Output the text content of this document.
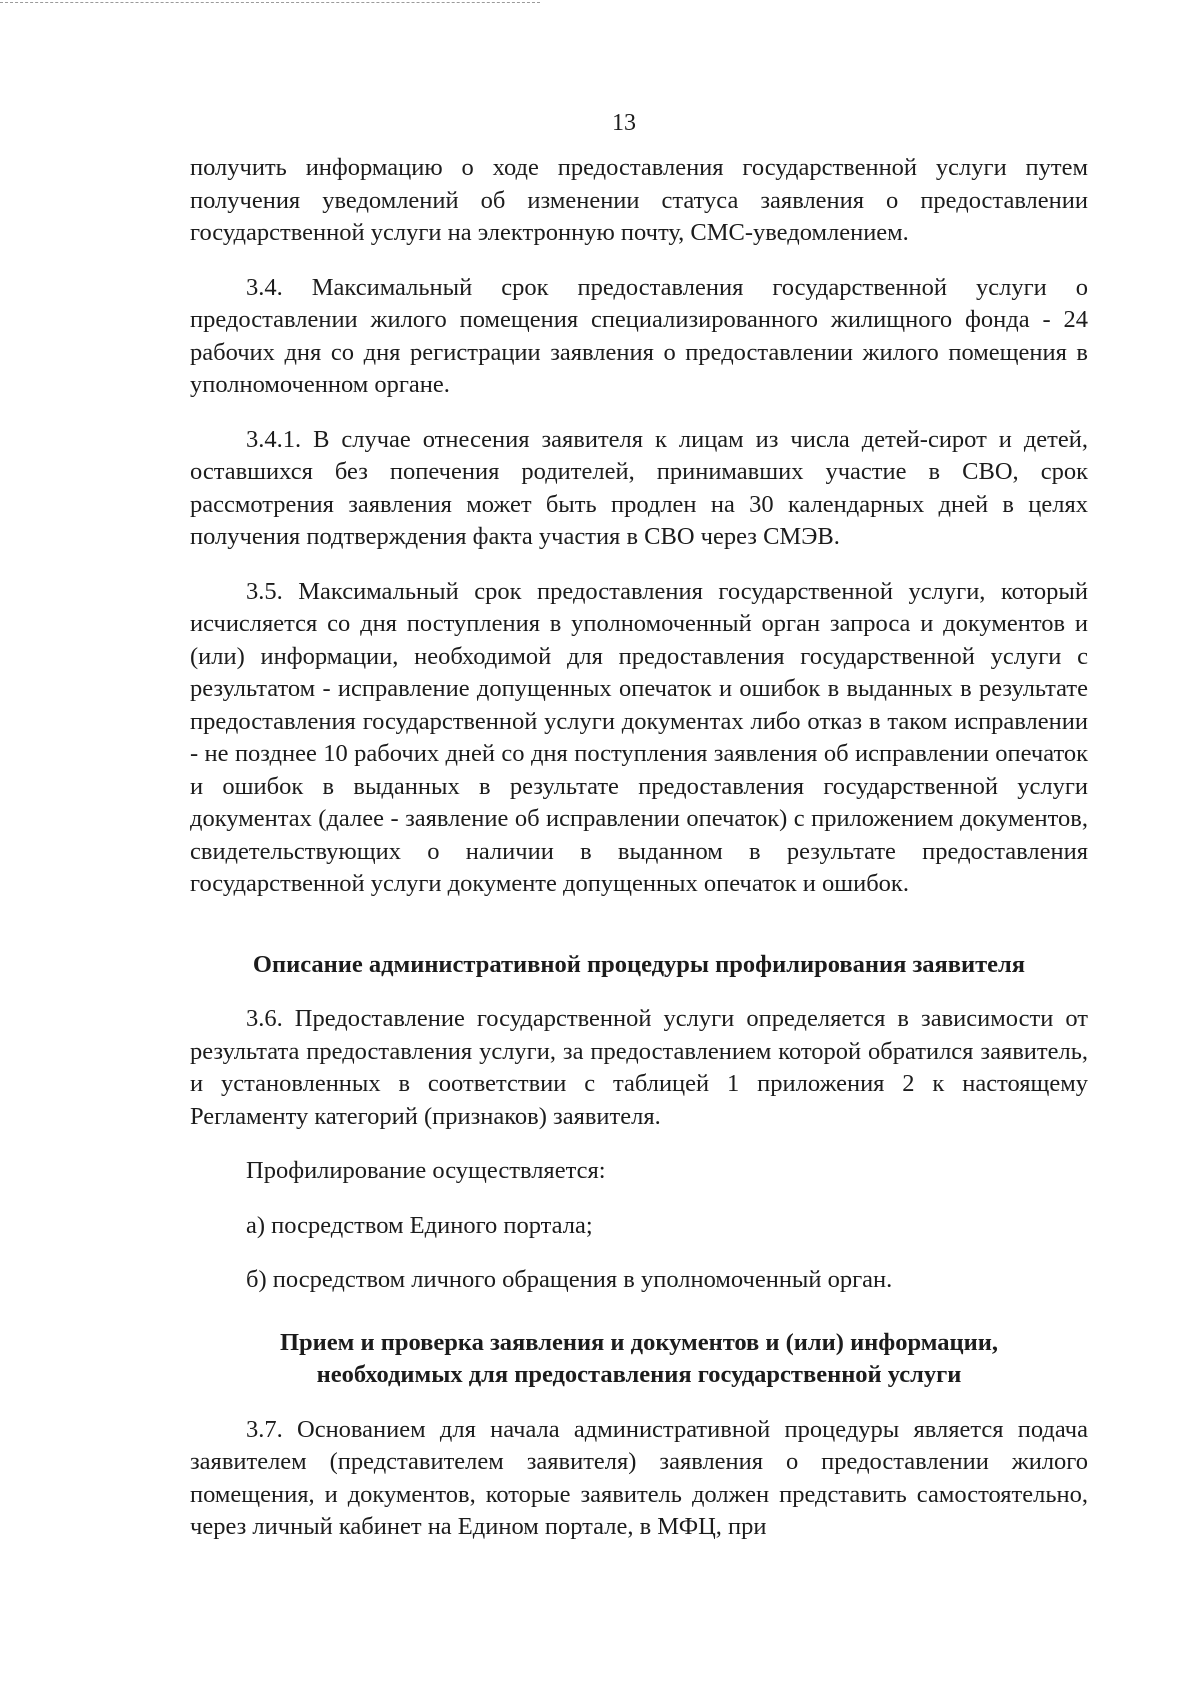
13

получить информацию о ходе предоставления государственной услуги путем получения уведомлений об изменении статуса заявления о предоставлении государственной услуги на электронную почту, СМС-уведомлением.

3.4. Максимальный срок предоставления государственной услуги о предоставлении жилого помещения специализированного жилищного фонда - 24 рабочих дня со дня регистрации заявления о предоставлении жилого помещения в уполномоченном органе.

3.4.1. В случае отнесения заявителя к лицам из числа детей-сирот и детей, оставшихся без попечения родителей, принимавших участие в СВО, срок рассмотрения заявления может быть продлен на 30 календарных дней в целях получения подтверждения факта участия в СВО через СМЭВ.

3.5. Максимальный срок предоставления государственной услуги, который исчисляется со дня поступления в уполномоченный орган запроса и документов и (или) информации, необходимой для предоставления государственной услуги с результатом - исправление допущенных опечаток и ошибок в выданных в результате предоставления государственной услуги документах либо отказ в таком исправлении - не позднее 10 рабочих дней со дня поступления заявления об исправлении опечаток и ошибок в выданных в результате предоставления государственной услуги документах (далее - заявление об исправлении опечаток) с приложением документов, свидетельствующих о наличии в выданном в результате предоставления государственной услуги документе допущенных опечаток и ошибок.

Описание административной процедуры профилирования заявителя

3.6. Предоставление государственной услуги определяется в зависимости от результата предоставления услуги, за предоставлением которой обратился заявитель, и установленных в соответствии с таблицей 1 приложения 2 к настоящему Регламенту категорий (признаков) заявителя.

Профилирование осуществляется:

а) посредством Единого портала;

б) посредством личного обращения в уполномоченный орган.

Прием и проверка заявления и документов и (или) информации, необходимых для предоставления государственной услуги

3.7. Основанием для начала административной процедуры является подача заявителем (представителем заявителя) заявления о предоставлении жилого помещения, и документов, которые заявитель должен представить самостоятельно, через личный кабинет на Едином портале, в МФЦ, при
